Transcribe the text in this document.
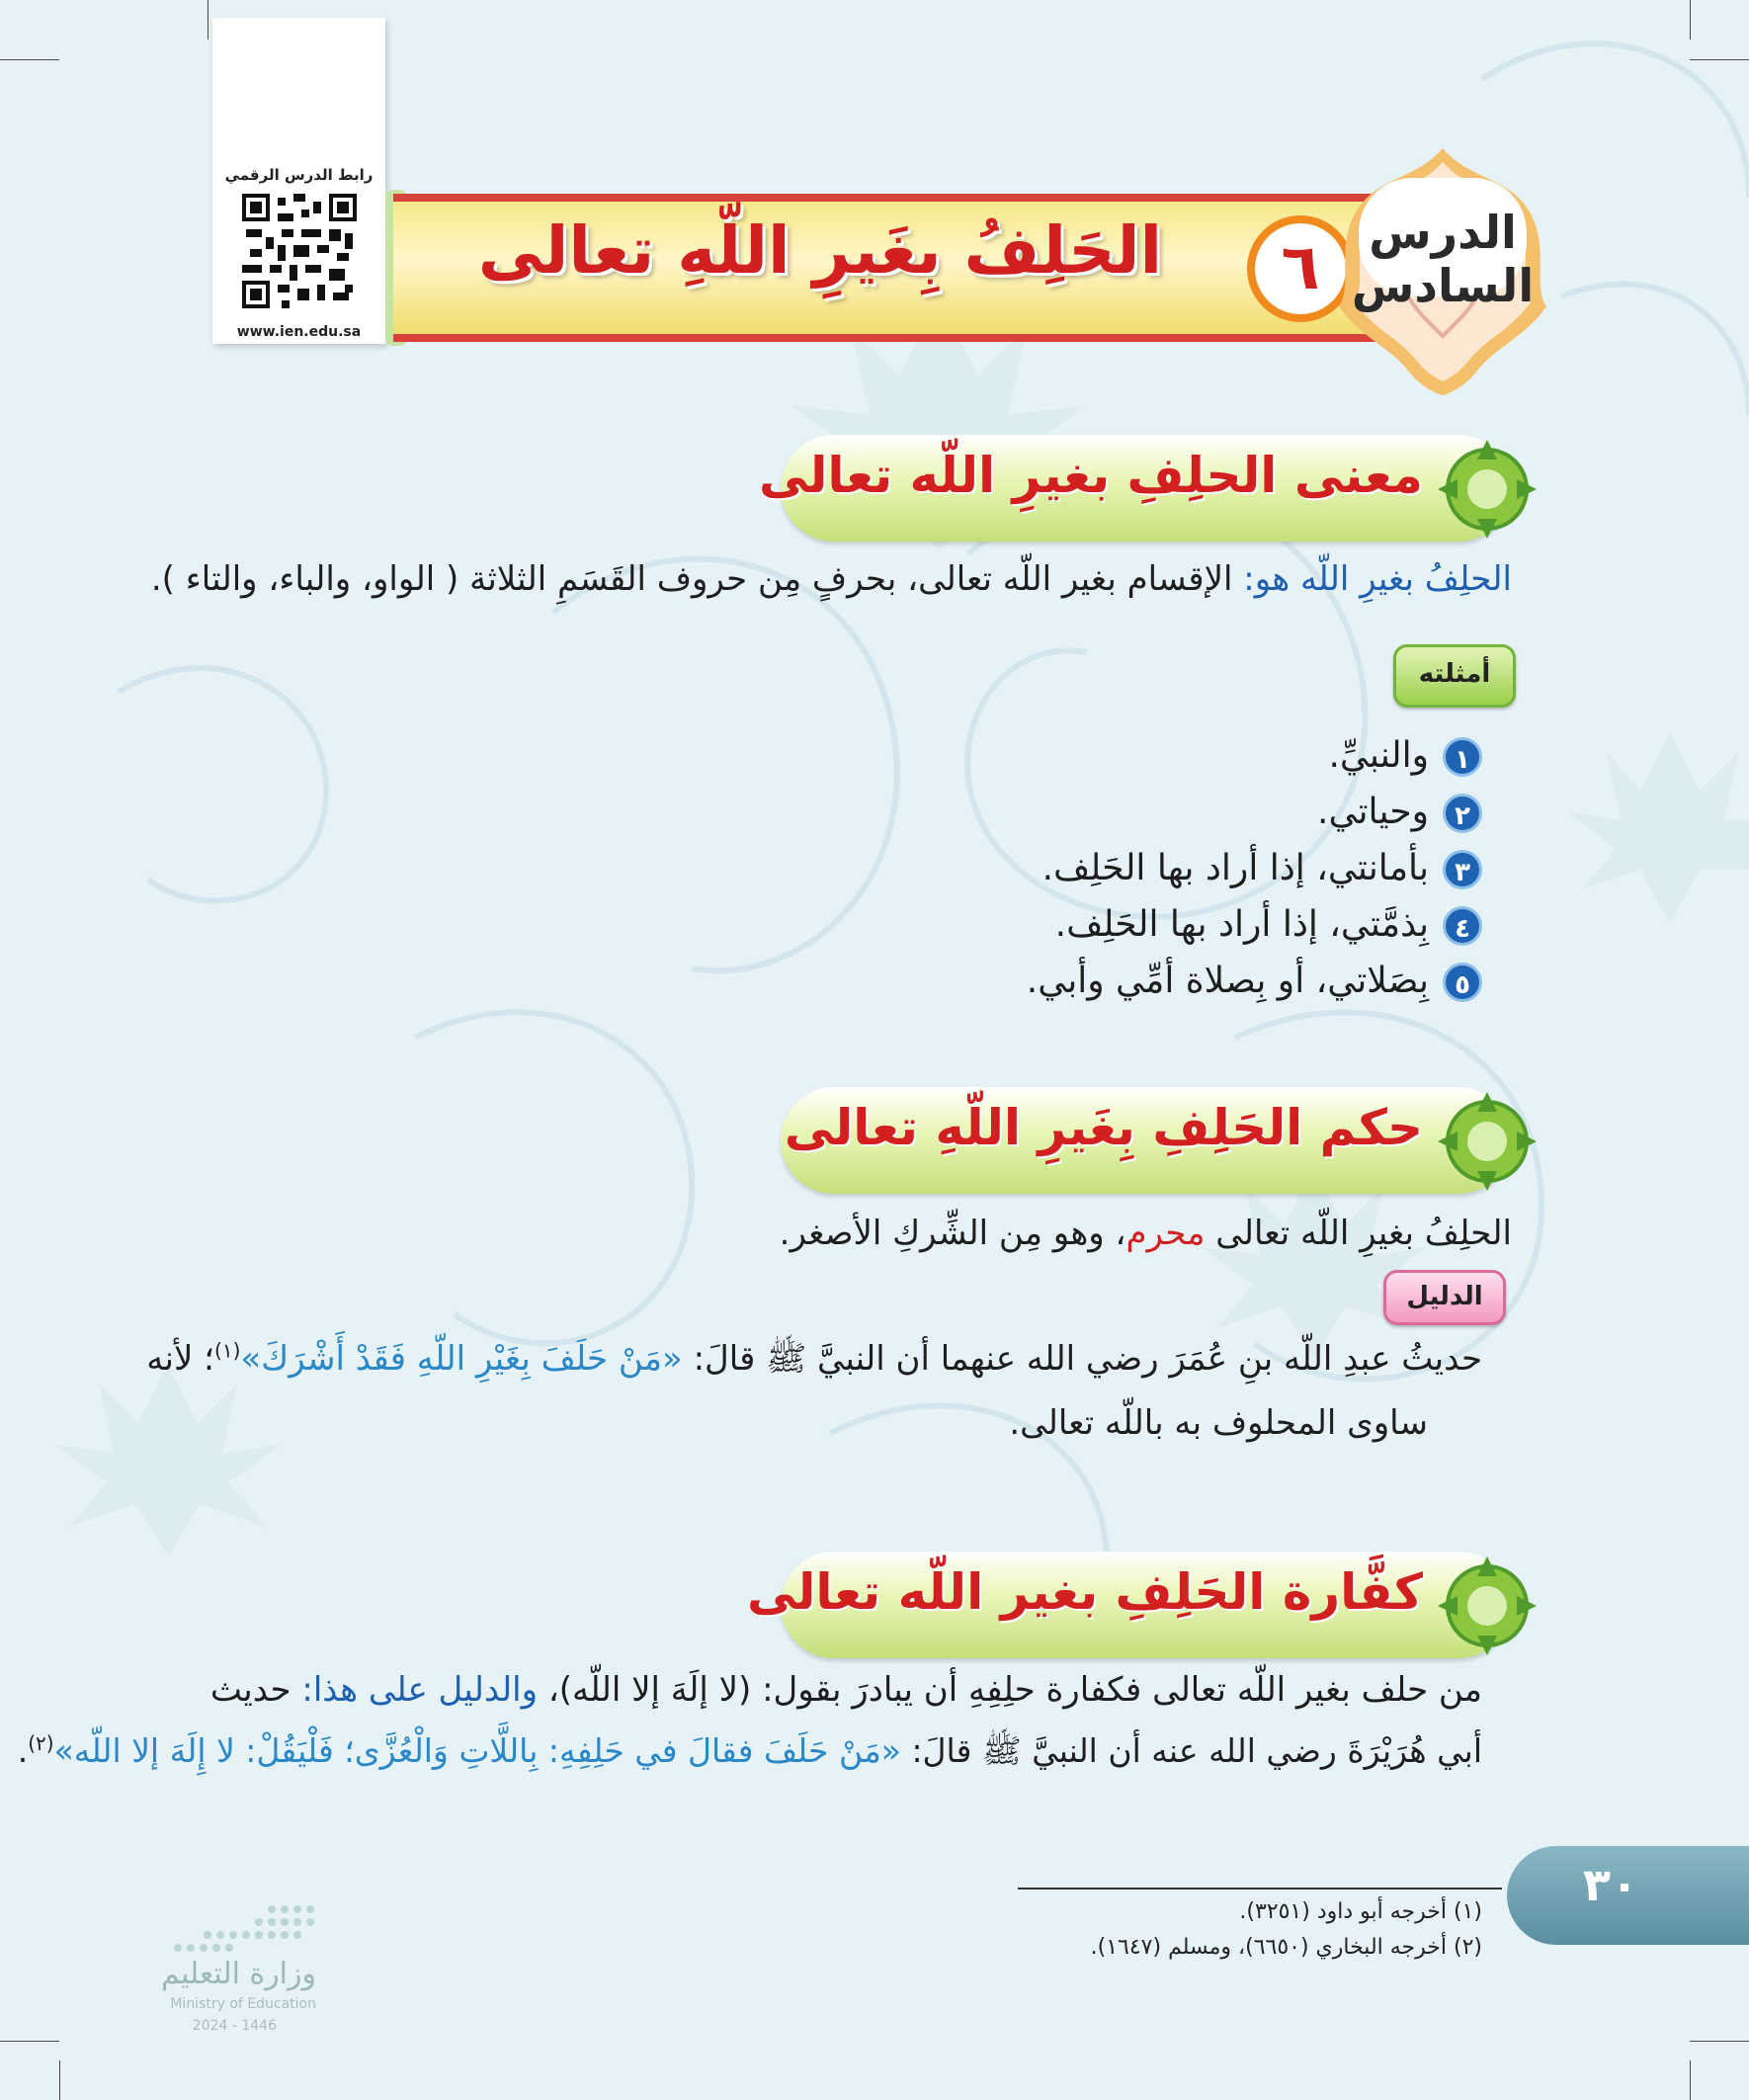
رابط الدرس الرقمي
www.ien.edu.sa
الحَلِفُ بِغَيرِ اللّهِ تعالى	٦	الدرس
السادس
معنى الحلِفِ بغيرِ اللّه تعالى
الحلِفُ بغيرِ اللّه هو: الإقسام بغير اللّه تعالى، بحرفٍ مِن حروف القَسَمِ الثلاثة ( الواو، والباء، والتاء ).
أمثلته
١والنبيِّ.
٢وحياتي.
٣بأمانتي، إذا أراد بها الحَلِف.
٤بِذمَّتي، إذا أراد بها الحَلِف.
٥بِصَلاتي، أو بِصلاة أمِّي وأبي.
حكم الحَلِفِ بِغَيرِ اللّهِ تعالى
الحلِفُ بغيرِ اللّه تعالى محرم، وهو مِن الشِّركِ الأصغر.
الدليل
حديثُ عبدِ اللّه بنِ عُمَرَ رضي الله عنهما أن النبيَّ ﷺ قالَ: «مَنْ حَلَفَ بِغَيْرِ اللّهِ فَقَدْ أَشْرَكَ»$^{(١)}$؛ لأنه
ساوى المحلوف به باللّه تعالى.
كفَّارة الحَلِفِ بغير اللّه تعالى
من حلف بغير اللّه تعالى فكفارة حلِفِهِ أن يبادرَ بقول: (لا إلَهَ إلا اللّه)، والدليل على هذا: حديث
أبي هُرَيْرَةَ رضي الله عنه أن النبيَّ ﷺ قالَ: «مَنْ حَلَفَ فقالَ في حَلِفِهِ: بِاللَّاتِ وَالْعُزَّى؛ فَلْيَقُلْ: لا إِلَهَ إلا اللّه»$^{(٢)}$.
٣٠
(١) أخرجه أبو داود (٣٢٥١).
(٢) أخرجه البخاري (٦٦٥٠)، ومسلم (١٦٤٧).
وزارة التعليم
Ministry of Education
2024 - 1446
